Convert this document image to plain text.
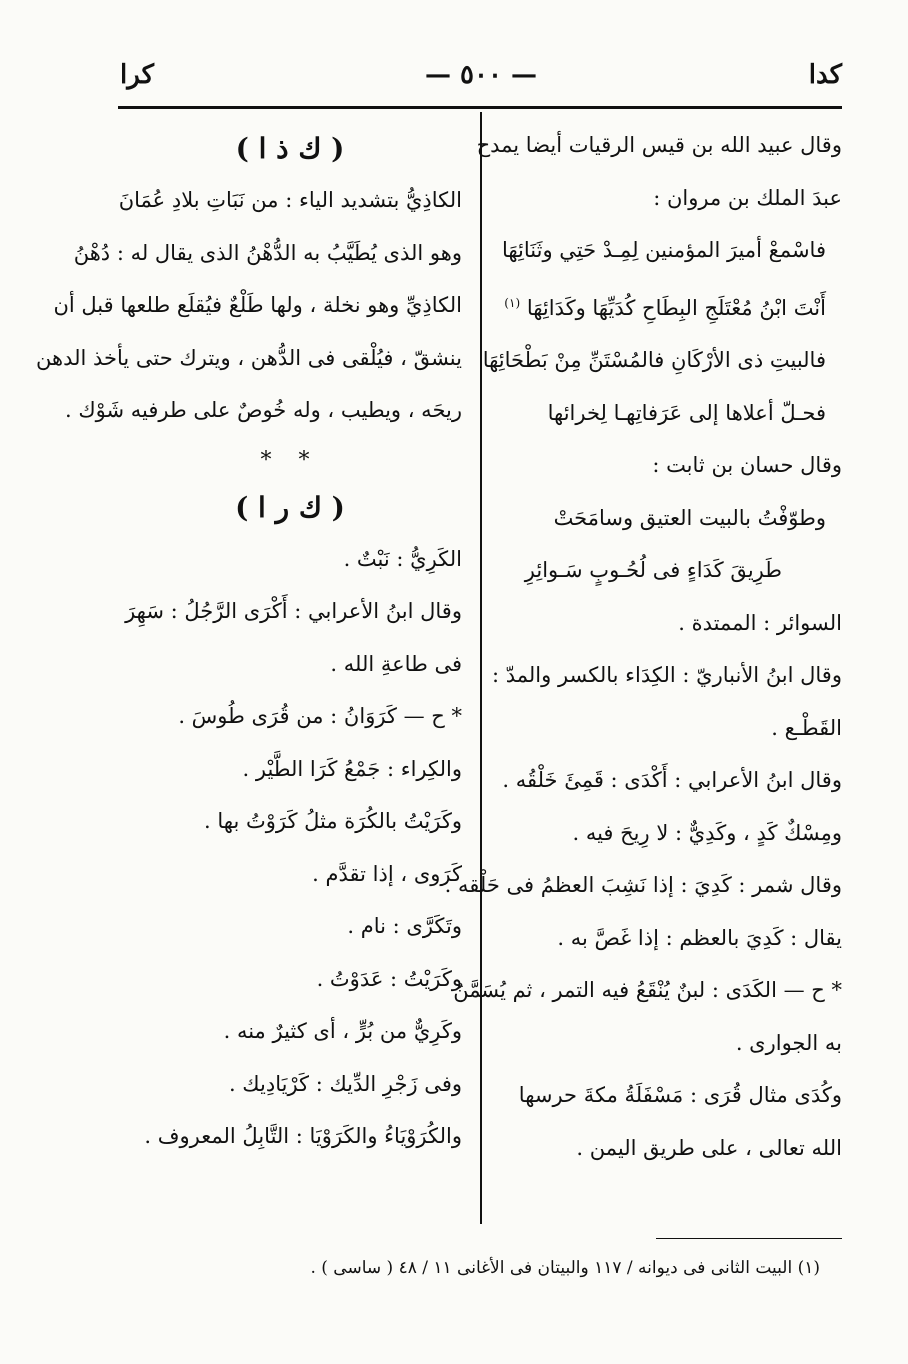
كدا
— ٥٠٠ —
كرا
وقال عبيد الله بن قيس الرقيات أيضا يمدح
عبدَ الملك بن مروان :
فاسْمعْ أميرَ المؤمنين لِمِـدْ حَتِي وثَنَائِهَا
أَنْتَ ابْنُ مُعْتَلَجِ البِطَاحِ كُدَيِّهَا وكَدَائِهَا $^{(١)}$
فالبيتِ ذى الأرْكَانِ فالمُسْتَنِّ مِنْ بَطْحَائِهَا
فحـلّ أعلاها إلى عَرَفاتِهـا لِخرائها
وقال حسان بن ثابت :
وطوّفْتُ بالبيت العتيق وسامَحَتْ
طَرِيقَ كَدَاءٍ فى لُحُـوبٍ سَـوائِرِ
السوائر : الممتدة .
وقال ابنُ الأنباريّ : الكِدَاء بالكسر والمدّ :
القَطْـع .
وقال ابنُ الأعرابي : أَكْدَى : قَمِئَ خَلْقُه .
ومِسْكٌ كَدٍ ، وكَدِيٌّ : لا رِيحَ فيه .
وقال شمر : كَدِيَ : إذا نَشِبَ العظمُ فى حَلْقه .
يقال : كَدِيَ بالعظم : إذا غَصَّ به .
* ح — الكَدَى : لبنٌ يُنْقَعُ فيه التمر ، ثم يُسَمَّنُ
به الجوارى .
وكُدَى مثال قُرَى : مَسْفَلَةُ مكةَ حرسها
الله تعالى ، على طريق اليمن .
( ك ذ ا )
الكاذِيُّ بتشديد الياء : من نَبَاتِ بلادِ عُمَانَ
وهو الذى يُطَيَّبُ به الدُّهْنُ الذى يقال له : دُهْنُ
الكاذِيِّ وهو نخلة ، ولها طَلْعٌ فيُقلَع طلعها قبل أن
ينشقّ ، فيُلْقى فى الدُّهن ، ويترك حتى يأخذ الدهن
ريحَه ، ويطيب ، وله خُوصٌ على طرفيه شَوْك .
* *
( ك ر ا )
الكَرِيُّ : نَبْتٌ .
وقال ابنُ الأعرابي : أَكْرَى الرَّجُلُ : سَهِرَ
فى طاعةِ الله .
* ح — كَرَوَانُ : من قُرَى طُوسَ .
والكِراء : جَمْعُ كَرَا الطَّيْر .
وكَرَيْتُ بالكُرَة مثلُ كَرَوْتُ بها .
كَرَوى ، إذا تقدَّم .
وتَكَرَّى : نام .
وكَرَيْتُ : عَدَوْتُ .
وكَرِيٌّ من بُرٍّ ، أى كثيرٌ منه .
وفى زَجْرِ الدِّيك : كَرْيَادِيك .
والكُرَوْيَاءُ والكَرَوْيَا : التَّابِلُ المعروف .
(١) البيت الثانى فى ديوانه / ١١٧ والبيتان فى الأغانى ١١ / ٤٨ ( ساسى ) .
